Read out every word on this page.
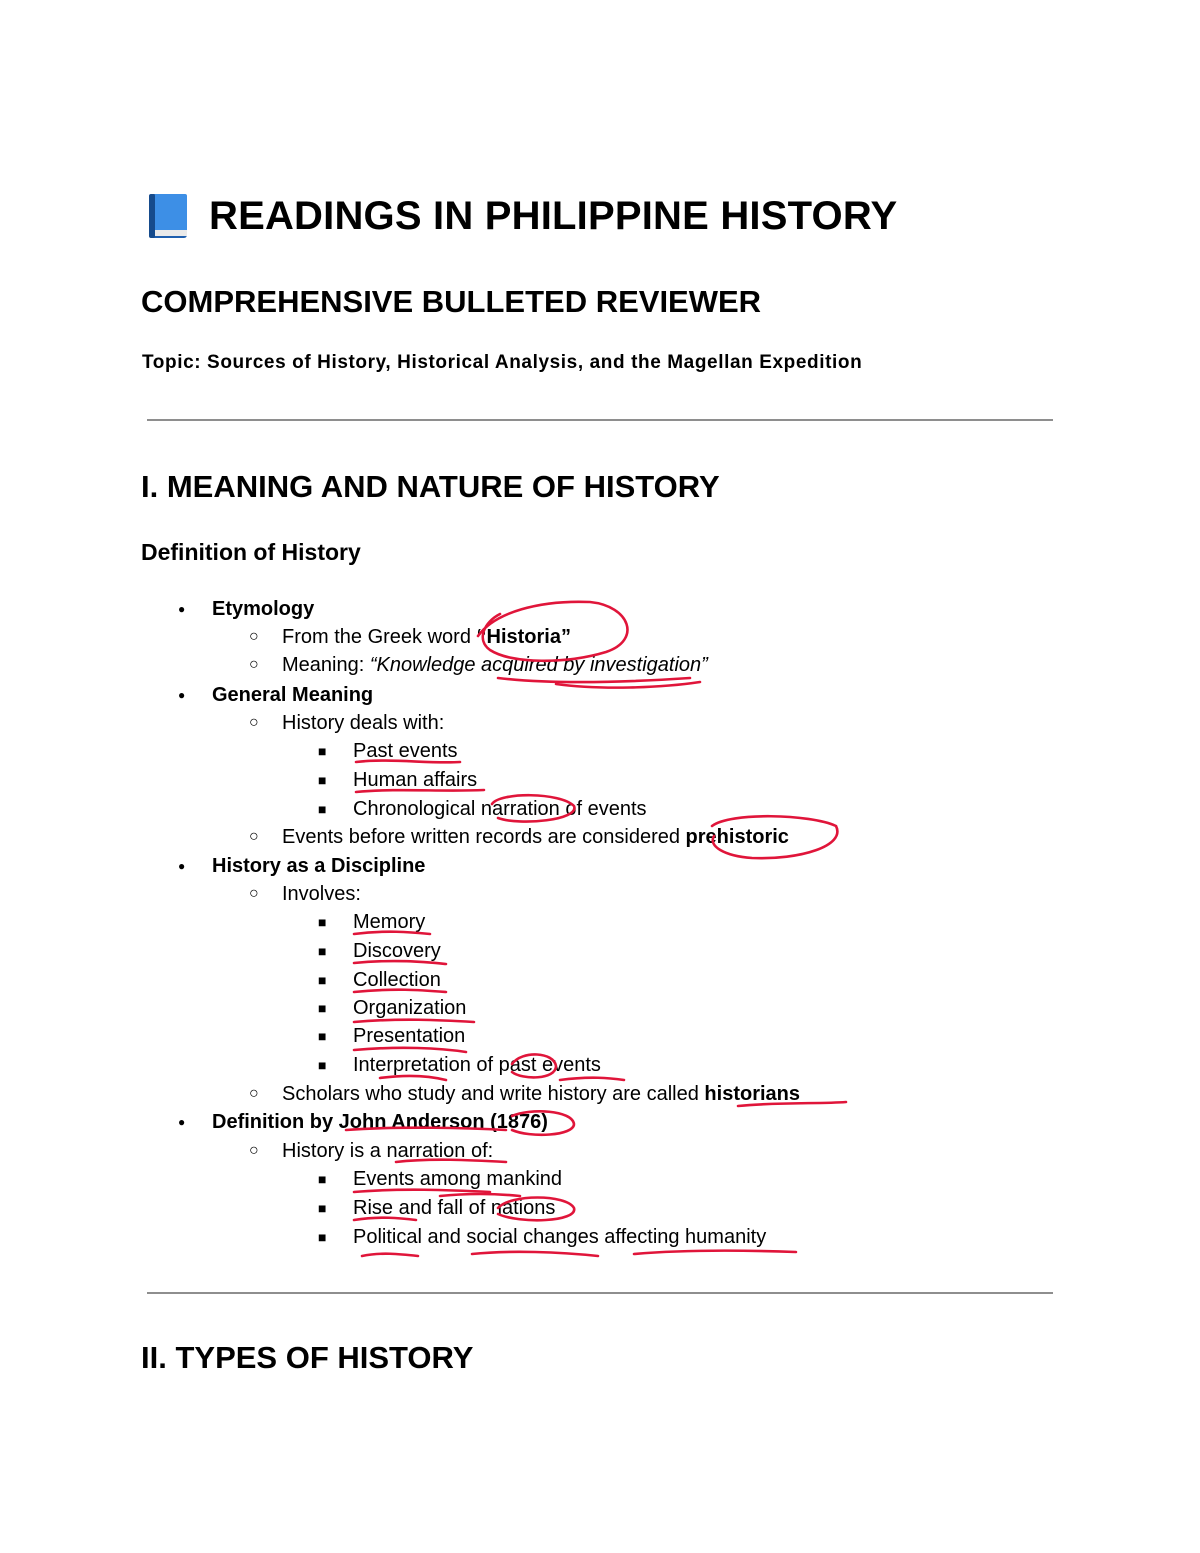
READINGS IN PHILIPPINE HISTORY
COMPREHENSIVE BULLETED REVIEWER
Topic: Sources of History, Historical Analysis, and the Magellan Expedition
I. MEANING AND NATURE OF HISTORY
Definition of History
● Etymology
○ From the Greek word “Historia”
○ Meaning: “Knowledge acquired by investigation”
● General Meaning
○ History deals with:
■ Past events
■ Human affairs
■ Chronological narration of events
○ Events before written records are considered prehistoric
● History as a Discipline
○ Involves:
■ Memory
■ Discovery
■ Collection
■ Organization
■ Presentation
■ Interpretation of past events
○ Scholars who study and write history are called historians
● Definition by John Anderson (1876)
○ History is a narration of:
■ Events among mankind
■ Rise and fall of nations
■ Political and social changes affecting humanity
II. TYPES OF HISTORY
